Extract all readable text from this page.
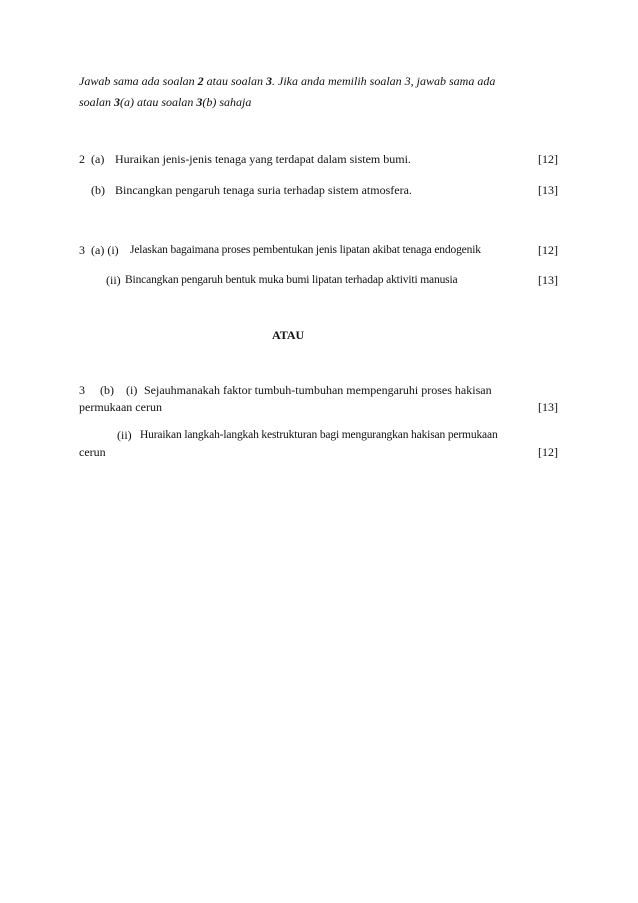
Jawab sama ada soalan 2 atau soalan 3. Jika anda memilih soalan 3, jawab sama ada
soalan 3(a) atau soalan 3(b) sahaja
2 (a) Huraikan jenis-jenis tenaga yang terdapat dalam sistem bumi.	[12]
(b) Bincangkan pengaruh tenaga suria terhadap sistem atmosfera.	[13]
3 (a) (i) Jelaskan bagaimana proses pembentukan jenis lipatan akibat tenaga endogenik	[12]
(ii) Bincangkan pengaruh bentuk muka bumi lipatan terhadap aktiviti manusia	[13]
ATAU
3 (b) (i) Sejauhmanakah faktor tumbuh-tumbuhan mempengaruhi proses hakisan
permukaan cerun	[13]
(ii) Huraikan langkah-langkah kestrukturan bagi mengurangkan hakisan permukaan
cerun	[12]
